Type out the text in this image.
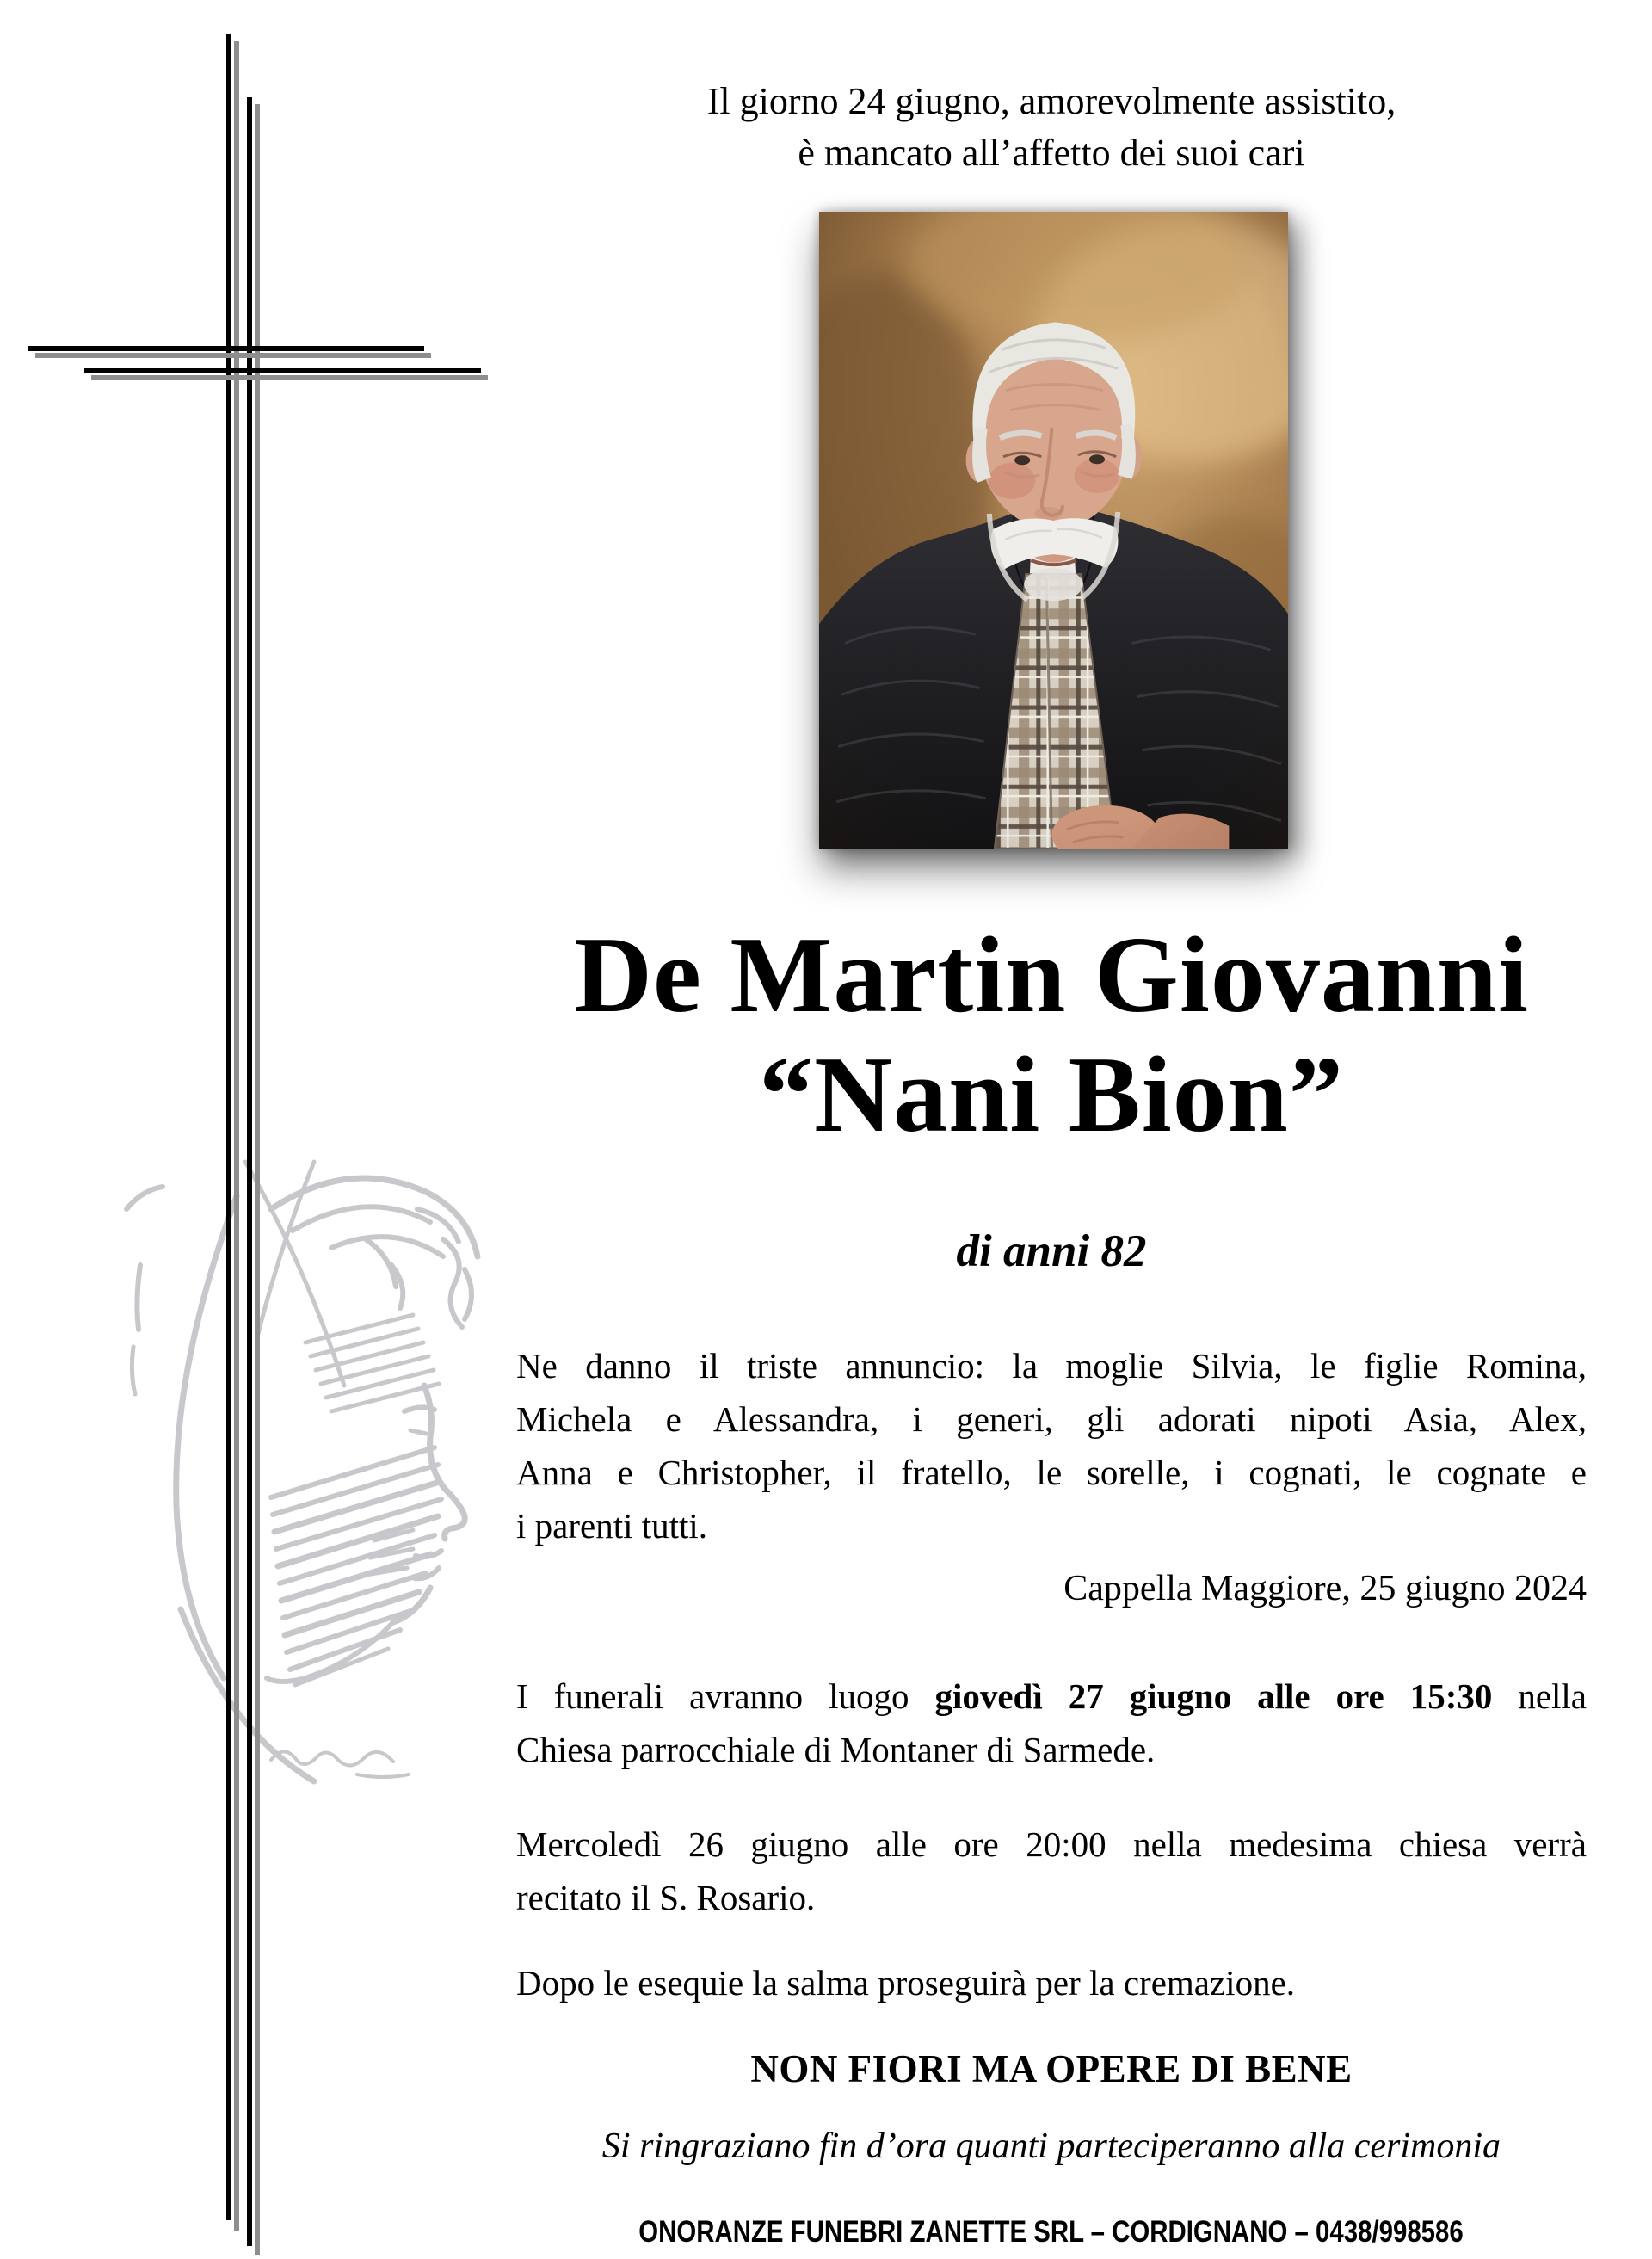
Il giorno 24 giugno, amorevolmente assistito,
è mancato all’affetto dei suoi cari
De Martin Giovanni
“Nani Bion”
di anni 82
Ne danno il triste annuncio: la moglie Silvia, le figlie Romina,
Michela e Alessandra, i generi, gli adorati nipoti Asia, Alex,
Anna e Christopher, il fratello, le sorelle, i cognati, le cognate e
i parenti tutti.
Cappella Maggiore, 25 giugno 2024
I funerali avranno luogo giovedì 27 giugno alle ore 15:30 nella
Chiesa parrocchiale di Montaner di Sarmede.
Mercoledì 26 giugno alle ore 20:00 nella medesima chiesa verrà
recitato il S. Rosario.
Dopo le esequie la salma proseguirà per la cremazione.
NON FIORI MA OPERE DI BENE
Si ringraziano fin d’ora quanti parteciperanno alla cerimonia
ONORANZE FUNEBRI ZANETTE SRL – CORDIGNANO – 0438/998586
